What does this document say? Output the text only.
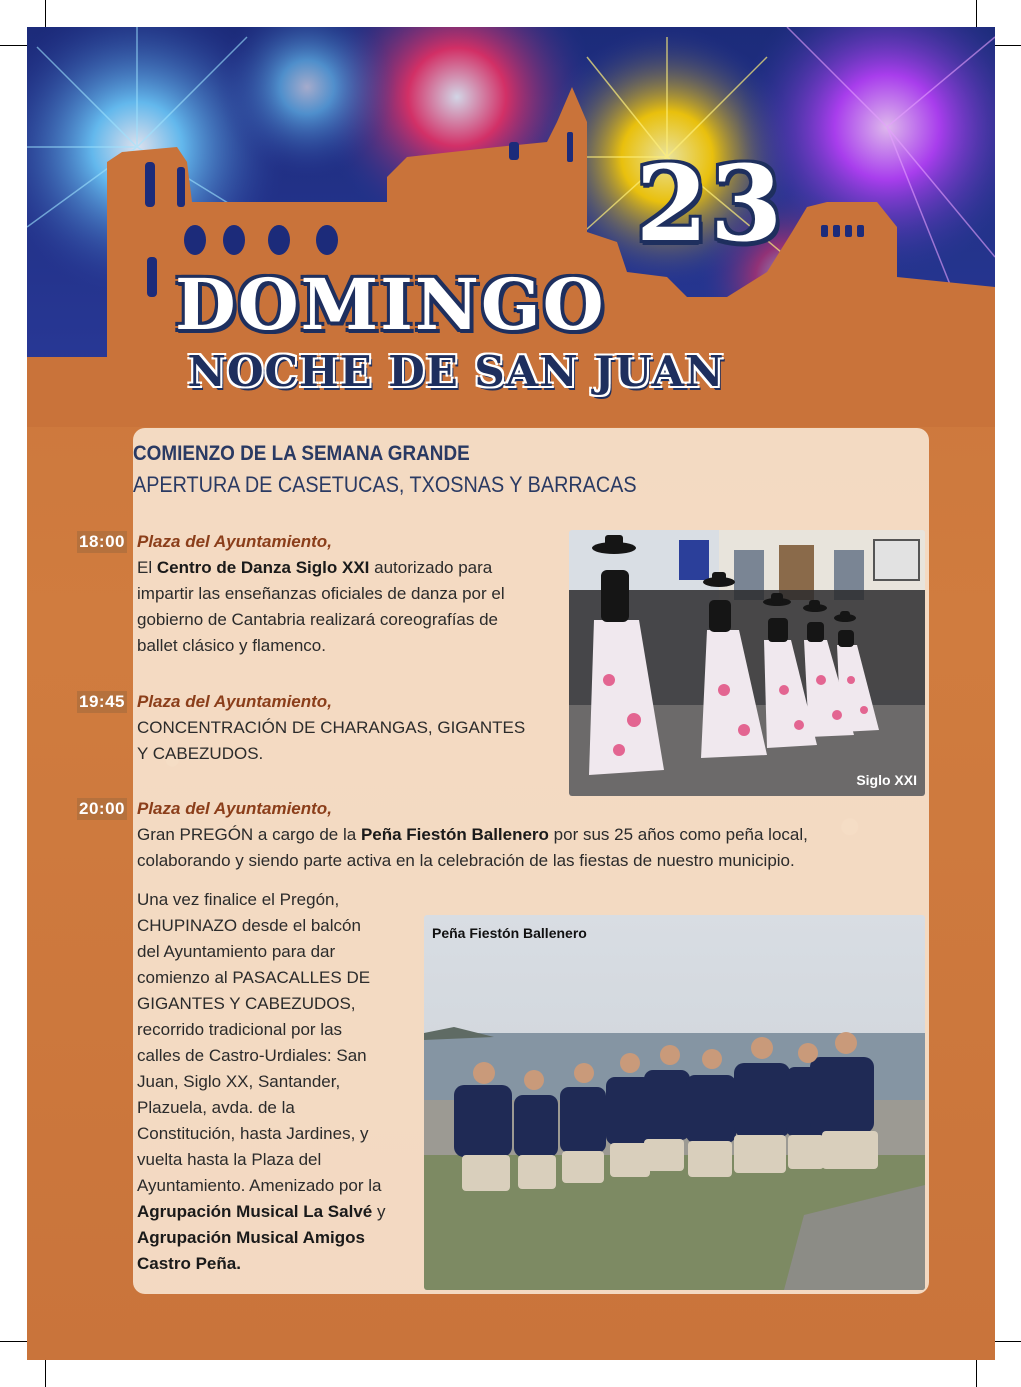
23
DOMINGO
NOCHE DE SAN JUAN
COMIENZO DE LA SEMANA GRANDE
APERTURA DE CASETUCAS, TXOSNAS Y BARRACAS
18:00 Plaza del Ayuntamiento,
El Centro de Danza Siglo XXI autorizado para impartir las enseñanzas oficiales de danza por el gobierno de Cantabria realizará coreografías de ballet clásico y flamenco.
Siglo XXI
19:45 Plaza del Ayuntamiento,
CONCENTRACIÓN DE CHARANGAS, GIGANTES Y CABEZUDOS.
20:00 Plaza del Ayuntamiento,
Gran PREGÓN a cargo de la Peña Fiestón Ballenero por sus 25 años como peña local, colaborando y siendo parte activa en la celebración de las fiestas de nuestro municipio.
Una vez finalice el Pregón, CHUPINAZO desde el balcón del Ayuntamiento para dar comienzo al PASACALLES DE GIGANTES Y CABEZUDOS, recorrido tradicional por las calles de Castro-Urdiales: San Juan, Siglo XX, Santander, Plazuela, avda. de la Constitución, hasta Jardines, y vuelta hasta la Plaza del Ayuntamiento. Amenizado por la Agrupación Musical La Salvé y Agrupación Musical Amigos Castro Peña.
Peña Fiestón Ballenero
